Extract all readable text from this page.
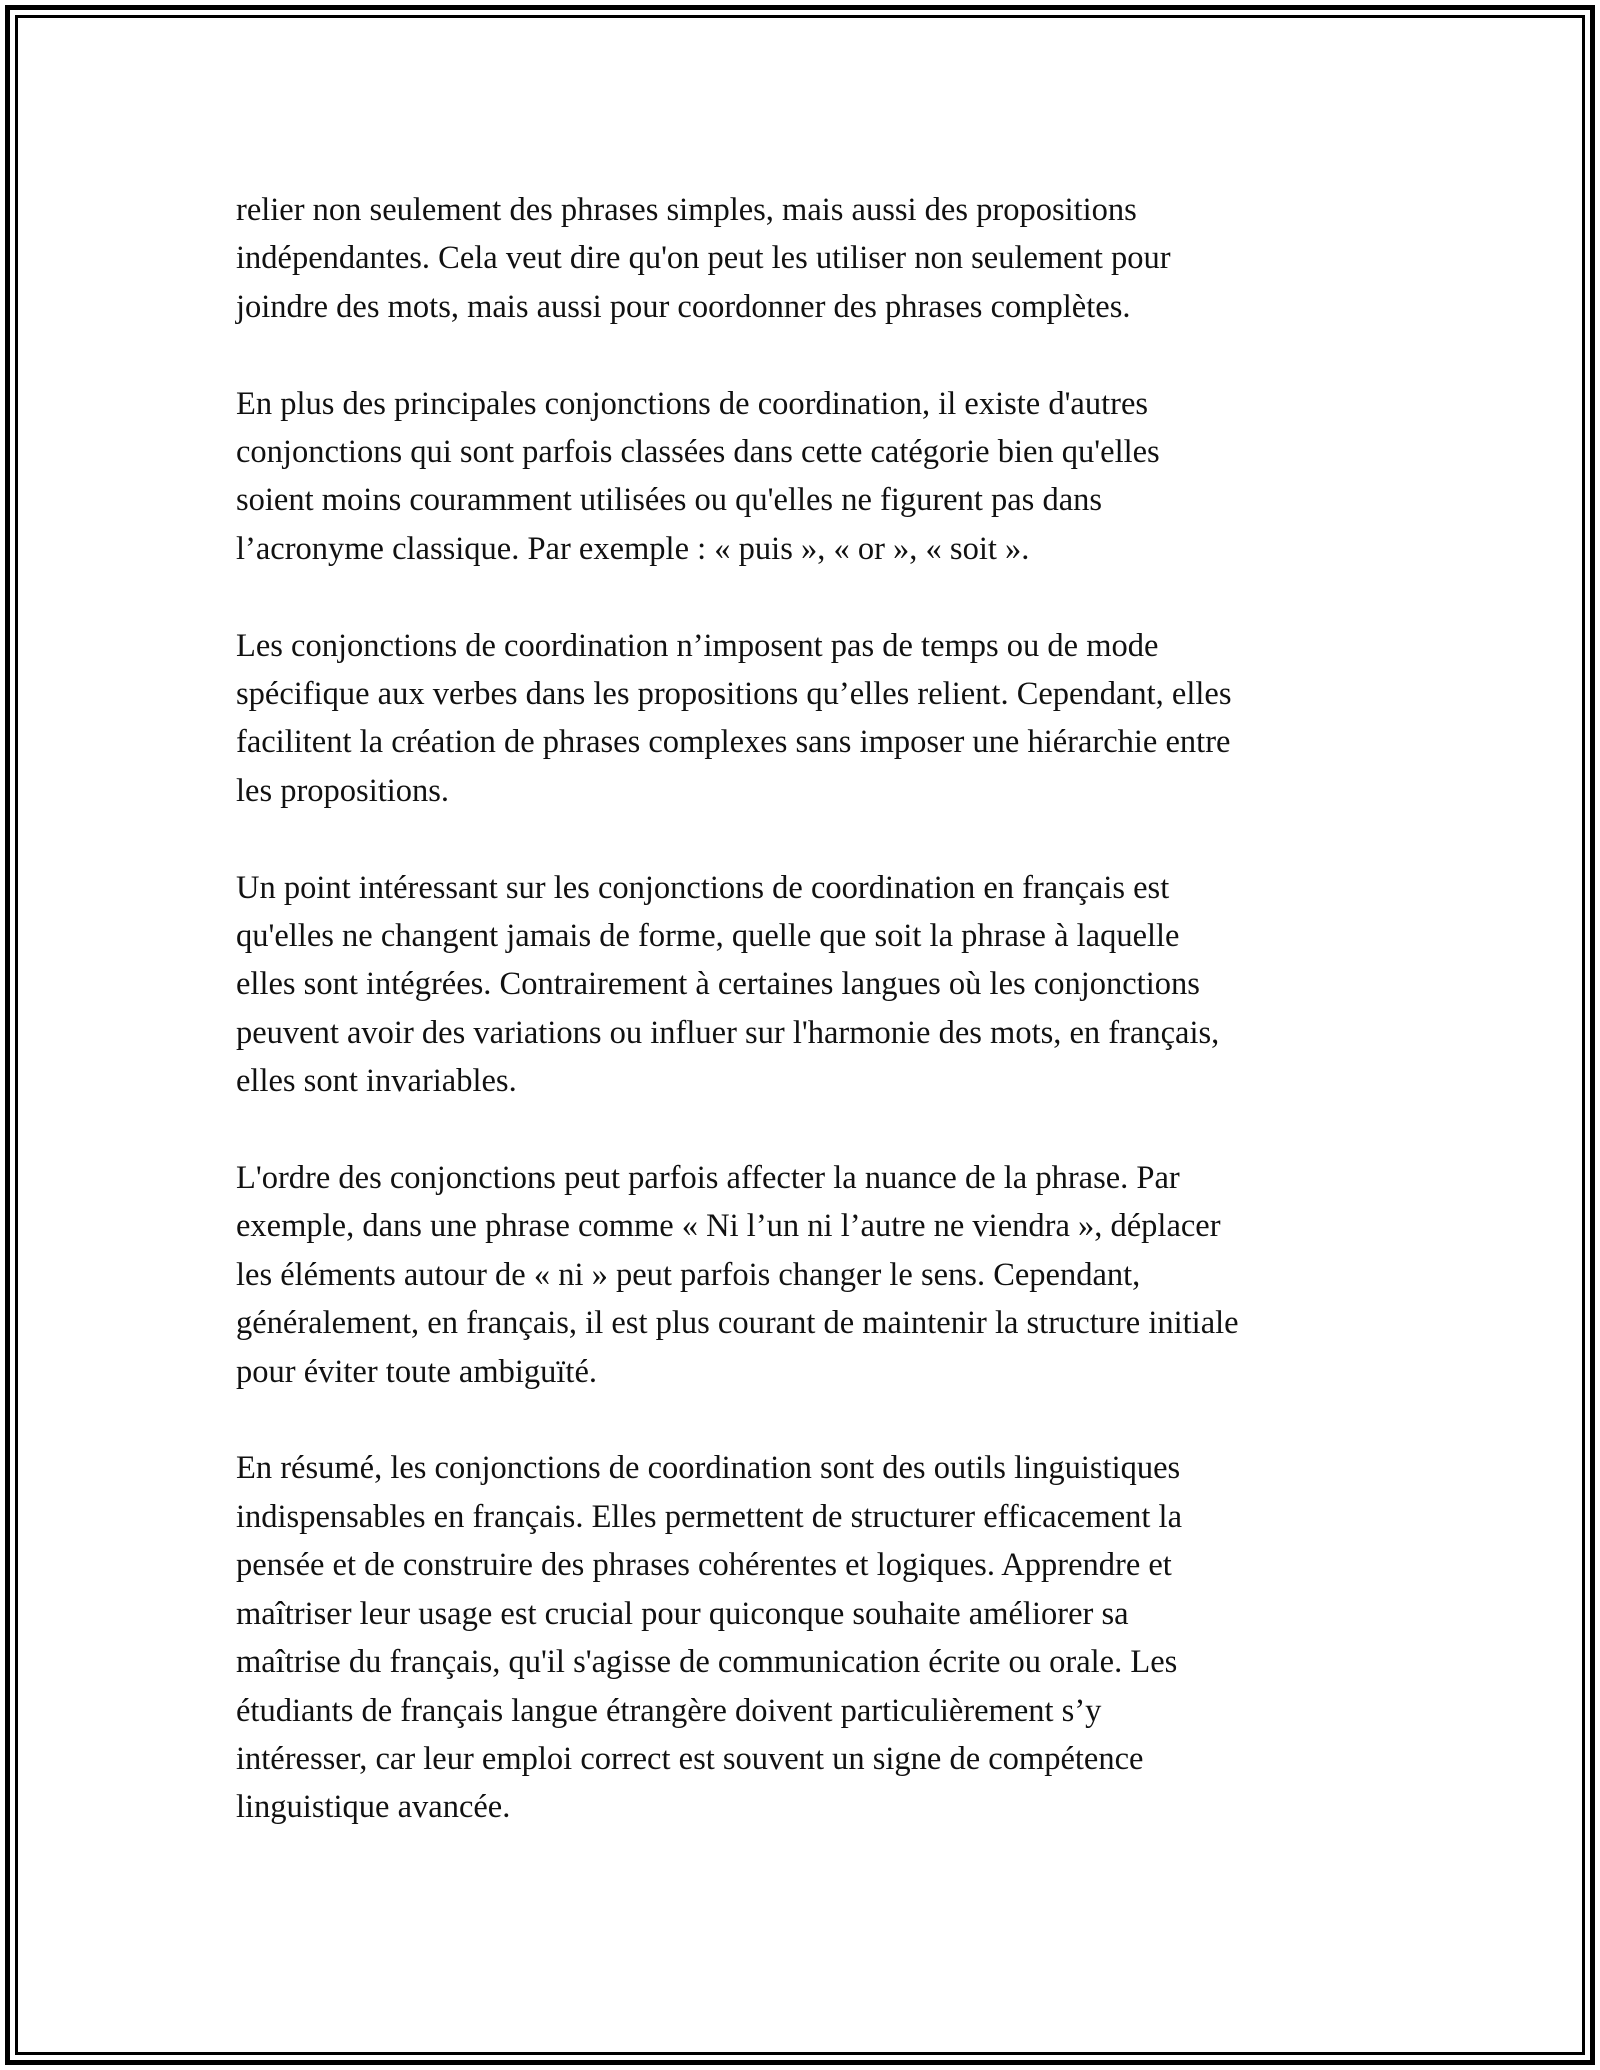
relier non seulement des phrases simples, mais aussi des propositions
indépendantes. Cela veut dire qu'on peut les utiliser non seulement pour
joindre des mots, mais aussi pour coordonner des phrases complètes.

En plus des principales conjonctions de coordination, il existe d'autres
conjonctions qui sont parfois classées dans cette catégorie bien qu'elles
soient moins couramment utilisées ou qu'elles ne figurent pas dans
l’acronyme classique. Par exemple : « puis », « or », « soit ».

Les conjonctions de coordination n’imposent pas de temps ou de mode
spécifique aux verbes dans les propositions qu’elles relient. Cependant, elles
facilitent la création de phrases complexes sans imposer une hiérarchie entre
les propositions.

Un point intéressant sur les conjonctions de coordination en français est
qu'elles ne changent jamais de forme, quelle que soit la phrase à laquelle
elles sont intégrées. Contrairement à certaines langues où les conjonctions
peuvent avoir des variations ou influer sur l'harmonie des mots, en français,
elles sont invariables.

L'ordre des conjonctions peut parfois affecter la nuance de la phrase. Par
exemple, dans une phrase comme « Ni l’un ni l’autre ne viendra », déplacer
les éléments autour de « ni » peut parfois changer le sens. Cependant,
généralement, en français, il est plus courant de maintenir la structure initiale
pour éviter toute ambiguïté.

En résumé, les conjonctions de coordination sont des outils linguistiques
indispensables en français. Elles permettent de structurer efficacement la
pensée et de construire des phrases cohérentes et logiques. Apprendre et
maîtriser leur usage est crucial pour quiconque souhaite améliorer sa
maîtrise du français, qu'il s'agisse de communication écrite ou orale. Les
étudiants de français langue étrangère doivent particulièrement s’y
intéresser, car leur emploi correct est souvent un signe de compétence
linguistique avancée.
